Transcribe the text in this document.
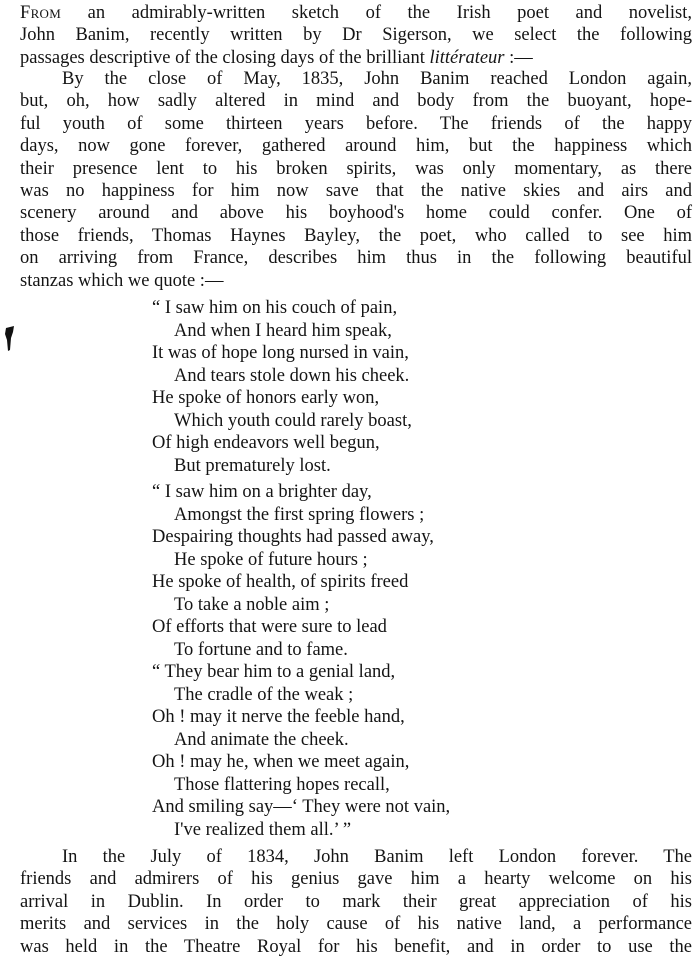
From an admirably-written sketch of the Irish poet and novelist,
John Banim, recently written by Dr Sigerson, we select the following
passages descriptive of the closing days of the brilliant littérateur :—
By the close of May, 1835, John Banim reached London again,
but, oh, how sadly altered in mind and body from the buoyant, hope-
ful youth of some thirteen years before. The friends of the happy
days, now gone forever, gathered around him, but the happiness which
their presence lent to his broken spirits, was only momentary, as there
was no happiness for him now save that the native skies and airs and
scenery around and above his boyhood's home could confer. One of
those friends, Thomas Haynes Bayley, the poet, who called to see him
on arriving from France, describes him thus in the following beautiful
stanzas which we quote :—
“ I saw him on his couch of pain,
And when I heard him speak,
It was of hope long nursed in vain,
And tears stole down his cheek.
He spoke of honors early won,
Which youth could rarely boast,
Of high endeavors well begun,
But prematurely lost.
“ I saw him on a brighter day,
Amongst the first spring flowers ;
Despairing thoughts had passed away,
He spoke of future hours ;
He spoke of health, of spirits freed
To take a noble aim ;
Of efforts that were sure to lead
To fortune and to fame.
“ They bear him to a genial land,
The cradle of the weak ;
Oh ! may it nerve the feeble hand,
And animate the cheek.
Oh ! may he, when we meet again,
Those flattering hopes recall,
And smiling say—‘ They were not vain,
I've realized them all.’ ”
In the July of 1834, John Banim left London forever. The
friends and admirers of his genius gave him a hearty welcome on his
arrival in Dublin. In order to mark their great appreciation of his
merits and services in the holy cause of his native land, a performance
was held in the Theatre Royal for his benefit, and in order to use the
